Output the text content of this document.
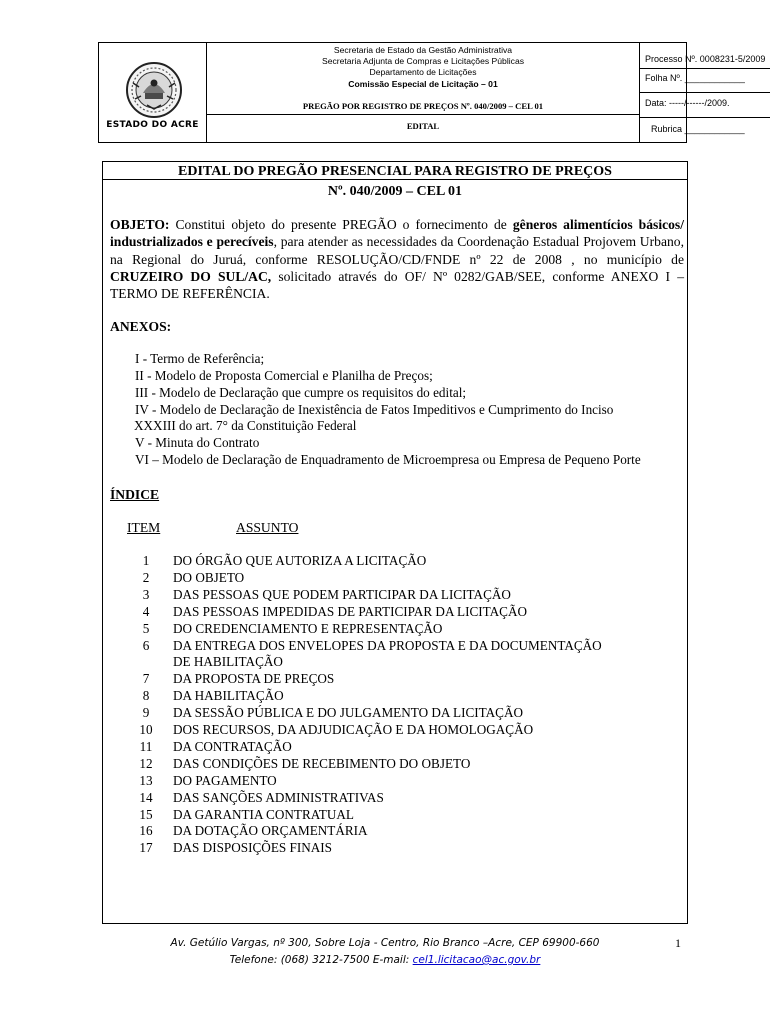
ESTADO DO ACRE
Secretaria de Estado da Gestão Administrativa
Secretaria Adjunta de Compras e Licitações Públicas
Departamento de Licitações
Comissão Especial de Licitação – 01
PREGÃO POR REGISTRO DE PREÇOS Nº. 040/2009 – CEL 01
EDITAL
Processo Nº. 0008231-5/2009
Folha Nº. ____________
Data: -----/------/2009.
Rubrica ____________
EDITAL DO PREGÃO PRESENCIAL PARA REGISTRO DE PREÇOS
Nº. 040/2009 – CEL 01
OBJETO: Constitui objeto do presente PREGÃO o fornecimento de gêneros alimentícios básicos/ industrializados e perecíveis, para atender as necessidades da Coordenação Estadual Projovem Urbano, na Regional do Juruá, conforme RESOLUÇÃO/CD/FNDE nº 22 de 2008 , no município de CRUZEIRO DO SUL/AC, solicitado através do OF/ Nº 0282/GAB/SEE, conforme ANEXO I – TERMO DE REFERÊNCIA.
ANEXOS:
I - Termo de Referência;
II - Modelo de Proposta Comercial e Planilha de Preços;
III - Modelo de Declaração que cumpre os requisitos do edital;
IV - Modelo de Declaração de Inexistência de Fatos Impeditivos e Cumprimento do Inciso
XXXIII do art. 7° da Constituição Federal
V - Minuta do Contrato
VI – Modelo de Declaração de Enquadramento de Microempresa ou Empresa de Pequeno Porte
ÍNDICE
ITEM	ASSUNTO
1	DO ÓRGÃO QUE AUTORIZA A LICITAÇÃO
2	DO OBJETO
3	DAS PESSOAS QUE PODEM PARTICIPAR DA LICITAÇÃO
4	DAS PESSOAS IMPEDIDAS DE PARTICIPAR DA LICITAÇÃO
5	DO CREDENCIAMENTO E REPRESENTAÇÃO
6	DA ENTREGA DOS ENVELOPES DA PROPOSTA E DA DOCUMENTAÇÃO
DE HABILITAÇÃO
7	DA PROPOSTA DE PREÇOS
8	DA HABILITAÇÃO
9	DA SESSÃO PÚBLICA E DO JULGAMENTO DA LICITAÇÃO
10	DOS RECURSOS, DA ADJUDICAÇÃO E DA HOMOLOGAÇÃO
11	DA CONTRATAÇÃO
12	DAS CONDIÇÕES DE RECEBIMENTO DO OBJETO
13	DO PAGAMENTO
14	DAS SANÇÕES ADMINISTRATIVAS
15	DA GARANTIA CONTRATUAL
16	DA DOTAÇÃO ORÇAMENTÁRIA
17	DAS DISPOSIÇÕES FINAIS
Av. Getúlio Vargas, nº 300, Sobre Loja - Centro, Rio Branco –Acre, CEP 69900-660
Telefone: (068) 3212-7500 E-mail: cel1.licitacao@ac.gov.br
1
